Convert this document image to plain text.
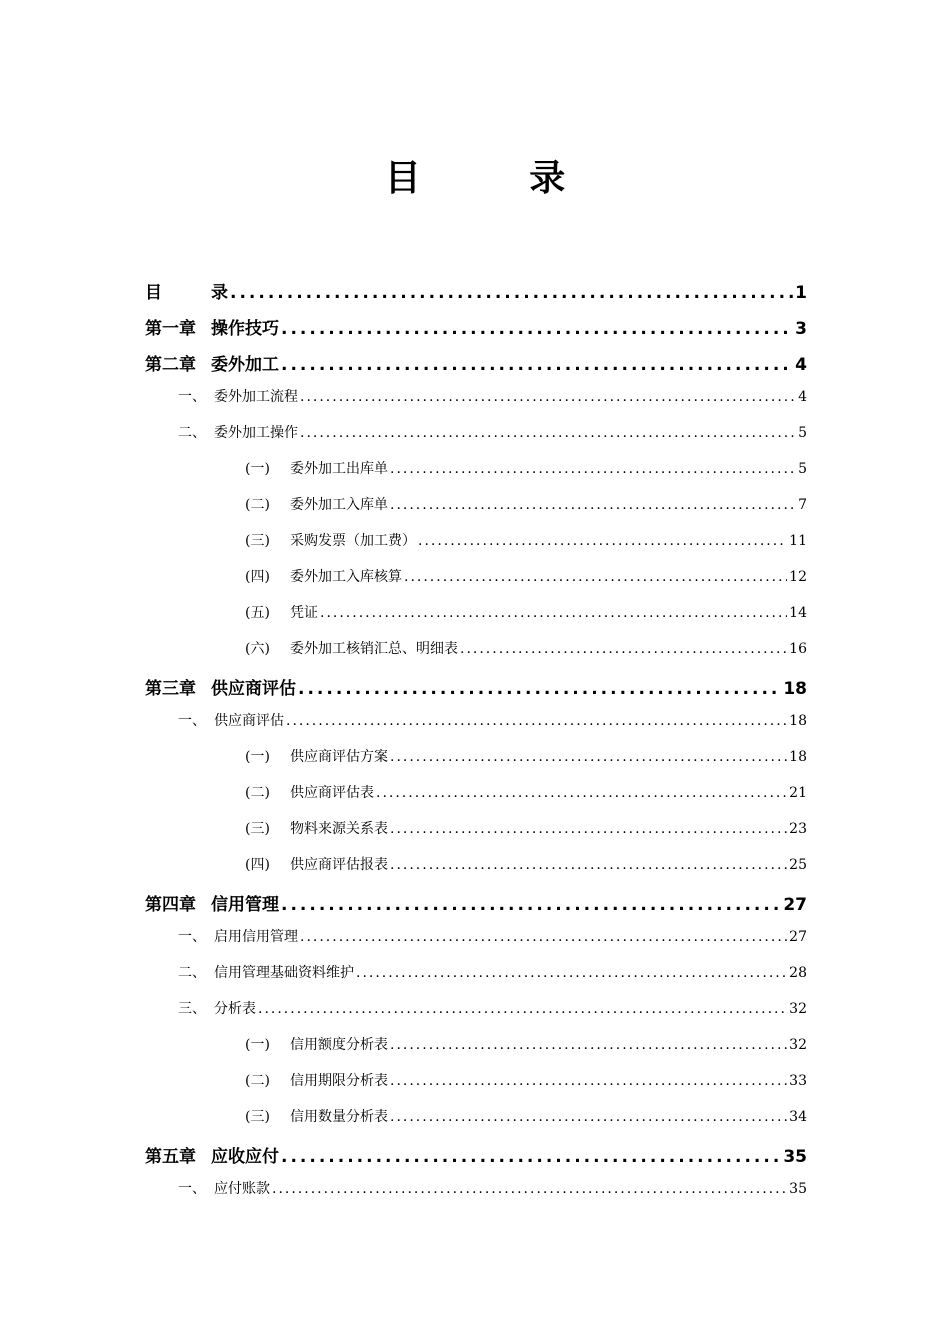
目 录
目	录 .....	1
第一章 操作技巧 .....	3
第二章 委外加工 .....	4
一、 委外加工流程 .....	4
二、 委外加工操作 .....	5
(一)	委外加工出库单 .....	5
(二)	委外加工入库单 .....	7
(三)	采购发票（加工费） .....	11
(四)	委外加工入库核算 .....	12
(五)	凭证 .....	14
(六)	委外加工核销汇总、明细表 .....	16
第三章 供应商评估 .....	18
一、 供应商评估 .....	18
(一)	供应商评估方案 .....	18
(二)	供应商评估表 .....	21
(三)	物料来源关系表 .....	23
(四)	供应商评估报表 .....	25
第四章 信用管理 .....	27
一、 启用信用管理 .....	27
二、 信用管理基础资料维护 .....	28
三、 分析表 .....	32
(一)	信用额度分析表 .....	32
(二)	信用期限分析表 .....	33
(三)	信用数量分析表 .....	34
第五章 应收应付 .....	35
一、 应付账款 .....	35
